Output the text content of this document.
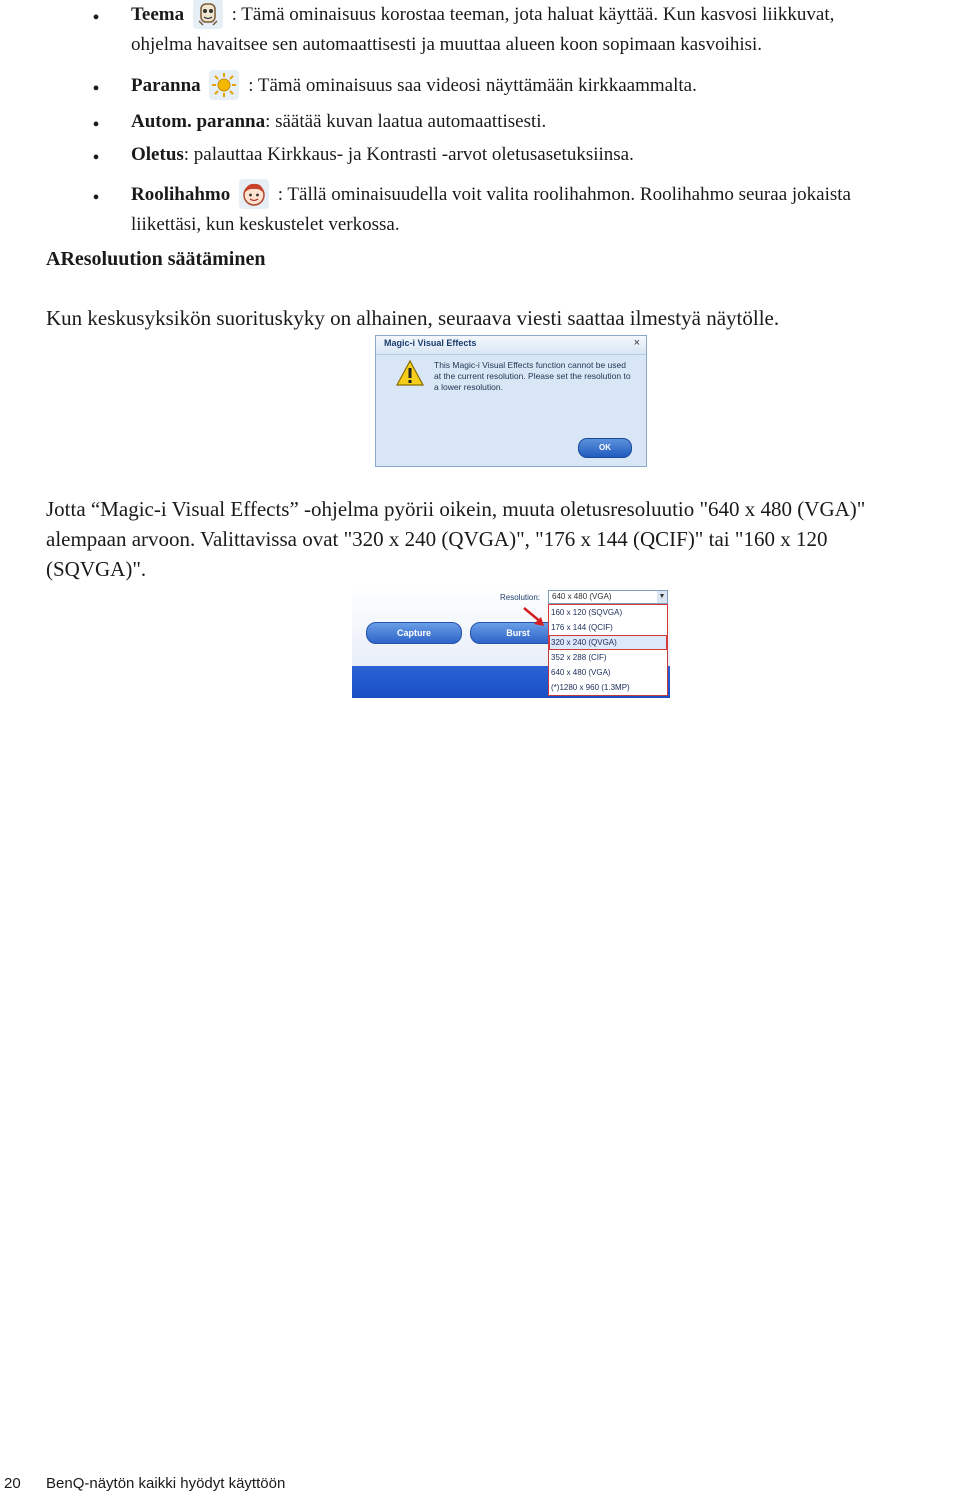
• Teema	: Tämä ominaisuus korostaa teeman, jota haluat käyttää. Kun kasvosi liikkuvat,
ohjelma havaitsee sen automaattisesti ja muuttaa alueen koon sopimaan kasvoihisi.
• Paranna	: Tämä ominaisuus saa videosi näyttämään kirkkaammalta.
• Autom. paranna: säätää kuvan laatua automaattisesti.
• Oletus: palauttaa Kirkkaus- ja Kontrasti -arvot oletusasetuksiinsa.
• Roolihahmo	: Tällä ominaisuudella voit valita roolihahmon. Roolihahmo seuraa jokaista
liikettäsi, kun keskustelet verkossa.
AResoluution säätäminen
Kun keskusyksikön suorituskyky on alhainen, seuraava viesti saattaa ilmestyä näytölle.
Magic-i Visual Effects	×
This Magic-i Visual Effects function cannot be used at the current resolution. Please set the resolution to a lower resolution.
OK
Jotta “Magic-i Visual Effects” -ohjelma pyörii oikein, muuta oletusresoluutio "640 x 480 (VGA)"
alempaan arvoon. Valittavissa ovat "320 x 240 (QVGA)", "176 x 144 (QCIF)" tai "160 x 120
(SQVGA)".
Resolution: 640 x 480 (VGA)	▼
Capture	Burst
160 x 120 (SQVGA)
176 x 144 (QCIF)
320 x 240 (QVGA)
352 x 288 (CIF)
640 x 480 (VGA)
(*)1280 x 960 (1.3MP)
20 BenQ-näytön kaikki hyödyt käyttöön
